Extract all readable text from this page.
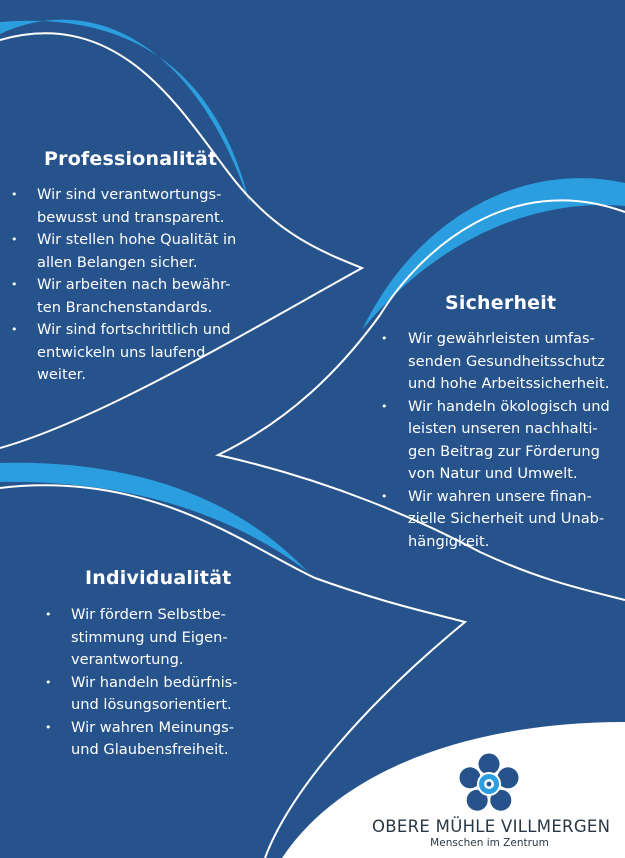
Professionalität
• Wir sind verantwortungs-
bewusst und transparent.
• Wir stellen hohe Qualität in
allen Belangen sicher.
• Wir arbeiten nach bewähr-
ten Branchenstandards.
• Wir sind fortschrittlich und
entwickeln uns laufend
weiter.
Sicherheit
• Wir gewährleisten umfas-
senden Gesundheitsschutz
und hohe Arbeitssicherheit.
• Wir handeln ökologisch und
leisten unseren nachhalti-
gen Beitrag zur Förderung
von Natur und Umwelt.
• Wir wahren unsere finan-
zielle Sicherheit und Unab-
hängigkeit.
Individualität
• Wir fördern Selbstbe-
stimmung und Eigen-
verantwortung.
• Wir handeln bedürfnis-
und lösungsorientiert.
• Wir wahren Meinungs-
und Glaubensfreiheit.
OBERE MÜHLE VILLMERGEN
Menschen im Zentrum
